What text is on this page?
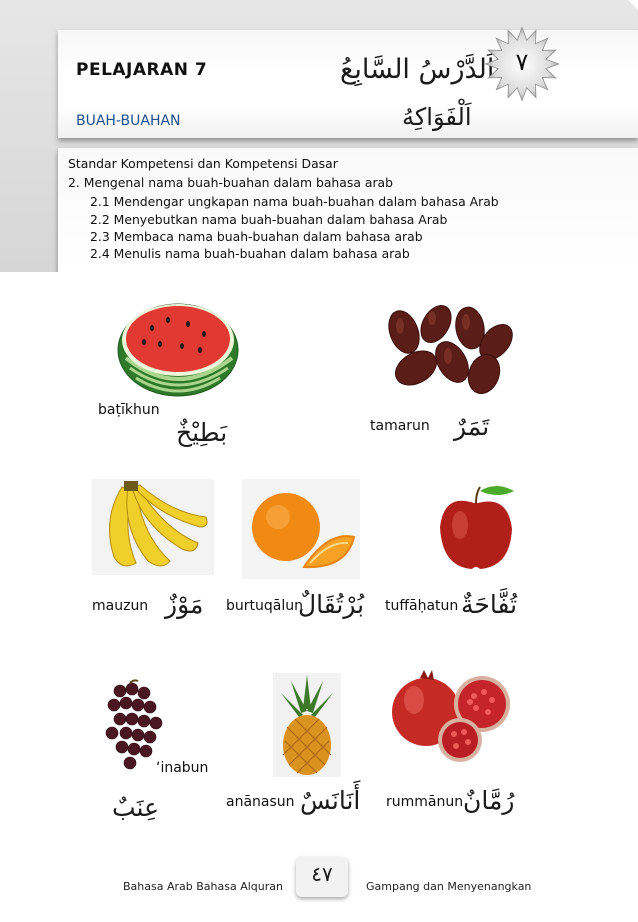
PELAJARAN 7	اَلدَّرْسُ السَّابِعُ ٧
BUAH-BUAHAN	اَلْفَوَاكِهُ
Standar Kompetensi dan Kompetensi Dasar
2. Mengenal nama buah-buahan dalam bahasa arab
2.1 Mendengar ungkapan nama buah-buahan dalam bahasa Arab
2.2 Menyebutkan nama buah-buahan dalam bahasa Arab
2.3 Membaca nama buah-buahan dalam bahasa arab
2.4 Menulis nama buah-buahan dalam bahasa arab
baṭīkhun
بَطِيْخٌ	tamarun تَمَرٌ
mauzun مَوْزٌ burtuqālun
بُرْتُقَالٌ tuffāḥatun تُفَّاحَةٌ
‘inabun
عِنَبٌ	anānasun أَنَانَسٌ rummānun رُمَّانٌ
Bahasa Arab Bahasa Alquran
٤٧
Gampang dan Menyenangkan
